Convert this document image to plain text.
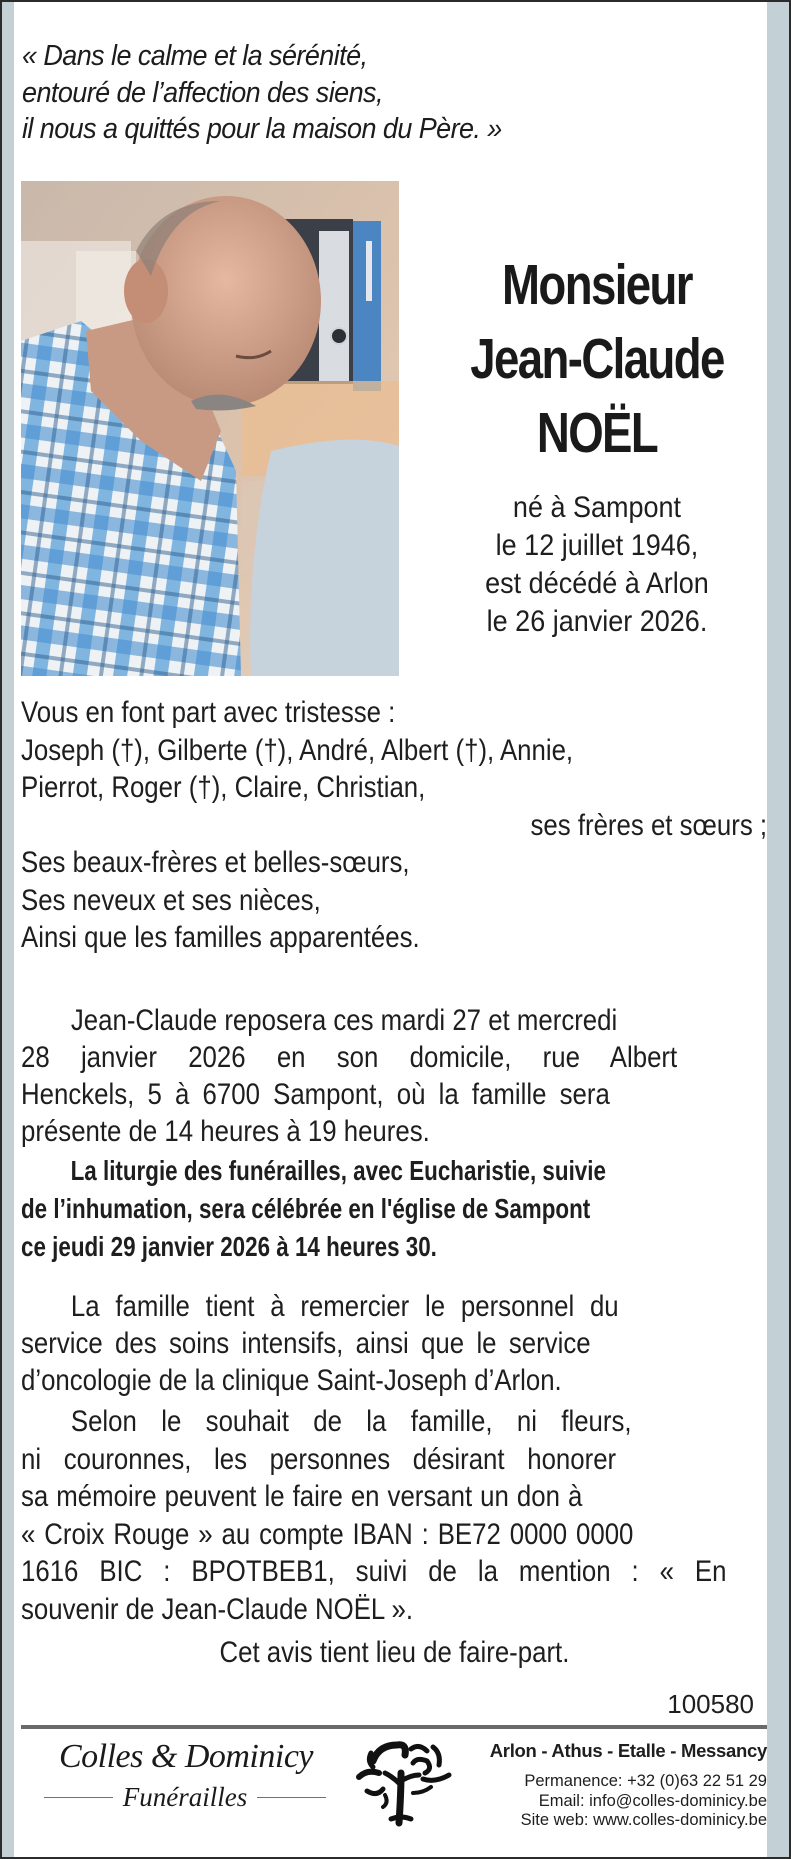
« Dans le calme et la sérénité,
entouré de l’affection des siens,
il nous a quittés pour la maison du Père. »
Monsieur
Jean-Claude
NOËL
né à Sampont
le 12 juillet 1946,
est décédé à Arlon
le 26 janvier 2026.
Vous en font part avec tristesse :
Joseph (†), Gilberte (†), André, Albert (†), Annie,
Pierrot, Roger (†), Claire, Christian,
ses frères et sœurs ;
Ses beaux-frères et belles-sœurs,
Ses neveux et ses nièces,
Ainsi que les familles apparentées.
Jean-Claude reposera ces mardi 27 et mercredi
28 janvier 2026 en son domicile, rue Albert
Henckels, 5 à 6700 Sampont, où la famille sera
présente de 14 heures à 19 heures.
La liturgie des funérailles, avec Eucharistie, suivie
de l’inhumation, sera célébrée en l'église de Sampont
ce jeudi 29 janvier 2026 à 14 heures 30.
La famille tient à remercier le personnel du
service des soins intensifs, ainsi que le service
d’oncologie de la clinique Saint-Joseph d’Arlon.
Selon le souhait de la famille, ni fleurs,
ni couronnes, les personnes désirant honorer
sa mémoire peuvent le faire en versant un don à
« Croix Rouge » au compte IBAN : BE72 0000 0000
1616 BIC : BPOTBEB1, suivi de la mention : « En
souvenir de Jean-Claude NOËL ».
Cet avis tient lieu de faire-part.
100580
Colles & Dominicy
Funérailles
Arlon - Athus - Etalle - Messancy
Permanence: +32 (0)63 22 51 29
Email: info@colles-dominicy.be
Site web: www.colles-dominicy.be
